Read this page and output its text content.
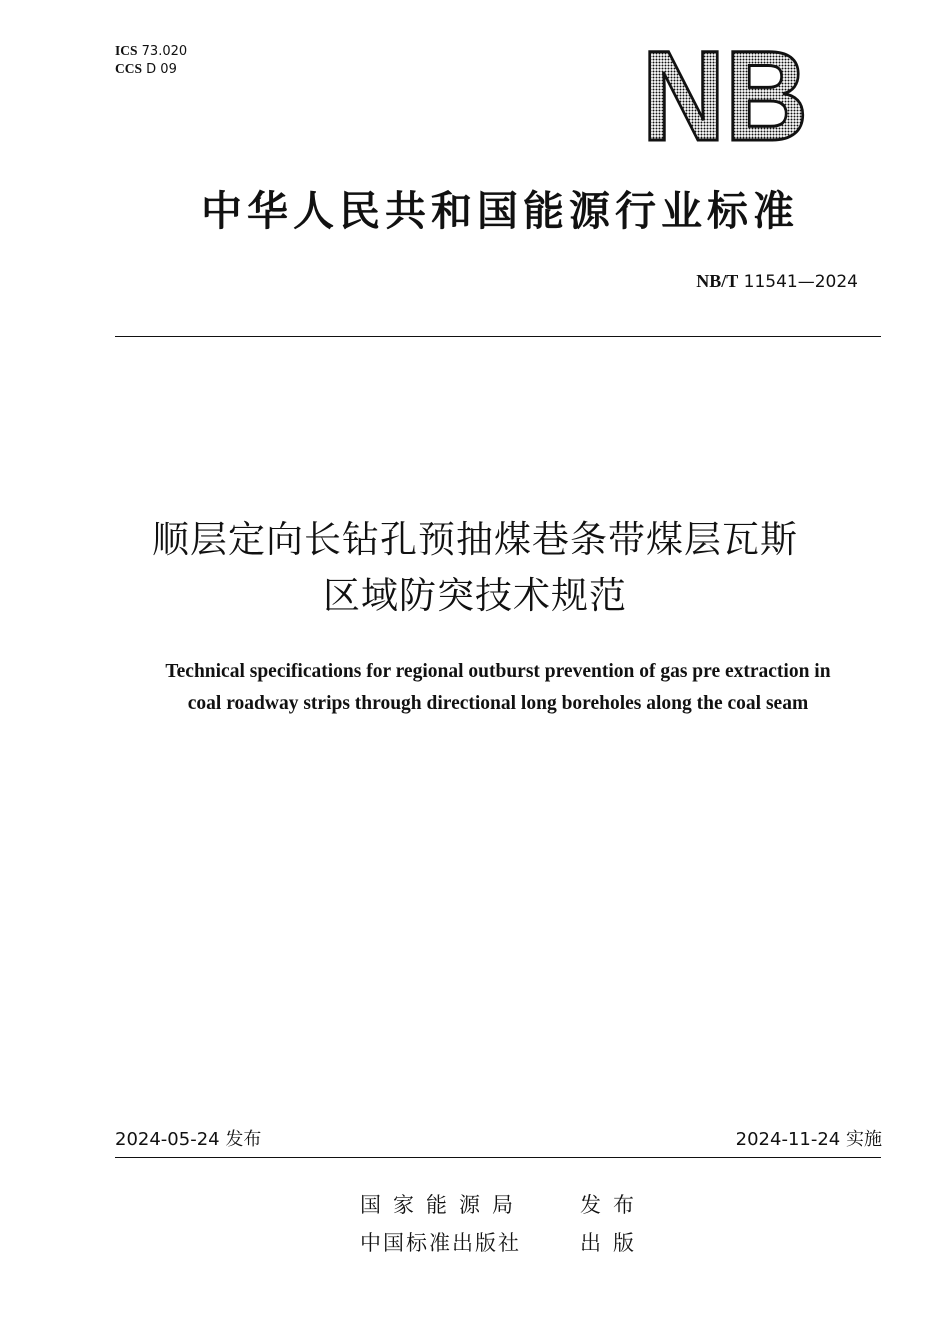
ICS 73.020
CCS D 09	NB
中华人民共和国能源行业标准
NB/T 11541—2024
顺层定向长钻孔预抽煤巷条带煤层瓦斯
区域防突技术规范
Technical specifications for regional outburst prevention of gas pre extraction in
coal roadway strips through directional long boreholes along the coal seam
2024-05-24 发布	2024-11-24 实施
国家能源局	发布
中国标准出版社	出版
